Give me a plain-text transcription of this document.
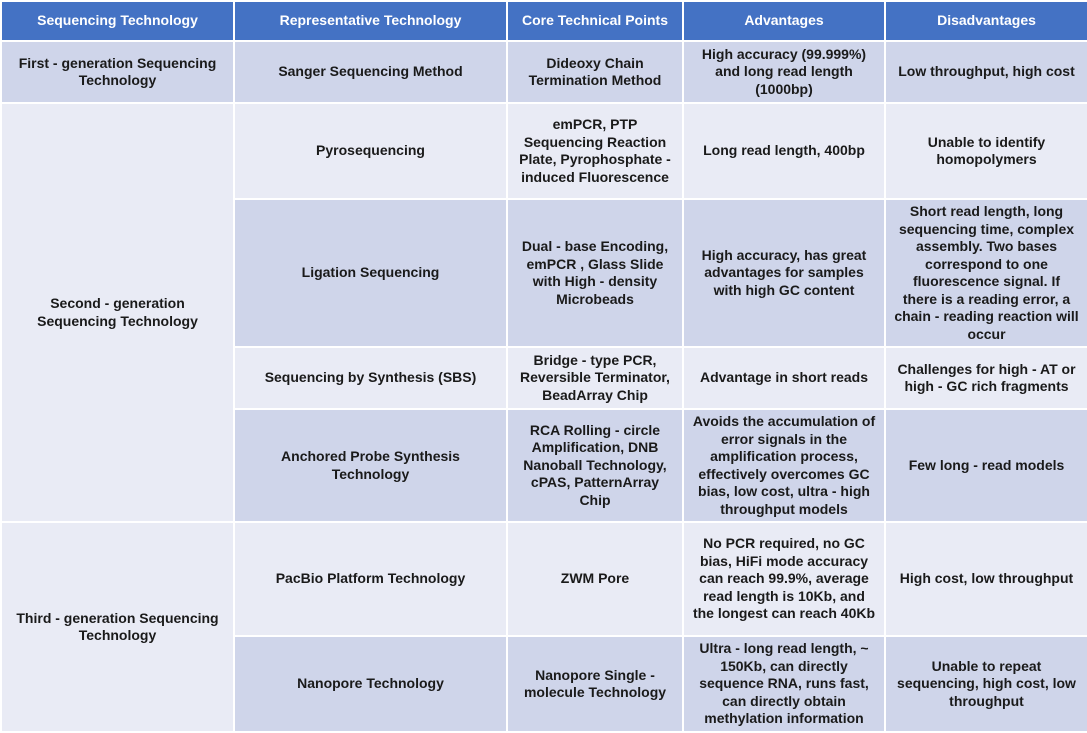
Sequencing Technology	Representative Technology	Core Technical Points	Advantages	Disadvantages
First - generation Sequencing Technology	Sanger Sequencing Method	Dideoxy Chain Termination Method	High accuracy (99.999%) and long read length (1000bp)	Low throughput, high cost
Second - generation Sequencing Technology	Pyrosequencing	emPCR, PTP Sequencing Reaction Plate, Pyrophosphate - induced Fluorescence	Long read length, 400bp	Unable to identify homopolymers
	Ligation Sequencing	Dual - base Encoding, emPCR , Glass Slide with High - density Microbeads	High accuracy, has great advantages for samples with high GC content	Short read length, long sequencing time, complex assembly. Two bases correspond to one fluorescence signal. If there is a reading error, a chain - reading reaction will occur
	Sequencing by Synthesis (SBS)	Bridge - type PCR, Reversible Terminator, BeadArray Chip	Advantage in short reads	Challenges for high - AT or high - GC rich fragments
	Anchored Probe Synthesis Technology	RCA Rolling - circle Amplification, DNB Nanoball Technology, cPAS, PatternArray Chip	Avoids the accumulation of error signals in the amplification process, effectively overcomes GC bias, low cost, ultra - high throughput models	Few long - read models
Third - generation Sequencing Technology	PacBio Platform Technology	ZWM Pore	No PCR required, no GC bias, HiFi mode accuracy can reach 99.9%, average read length is 10Kb, and the longest can reach 40Kb	High cost, low throughput
	Nanopore Technology	Nanopore Single - molecule Technology	Ultra - long read length, ~ 150Kb, can directly sequence RNA, runs fast, can directly obtain methylation information	Unable to repeat sequencing, high cost, low throughput
